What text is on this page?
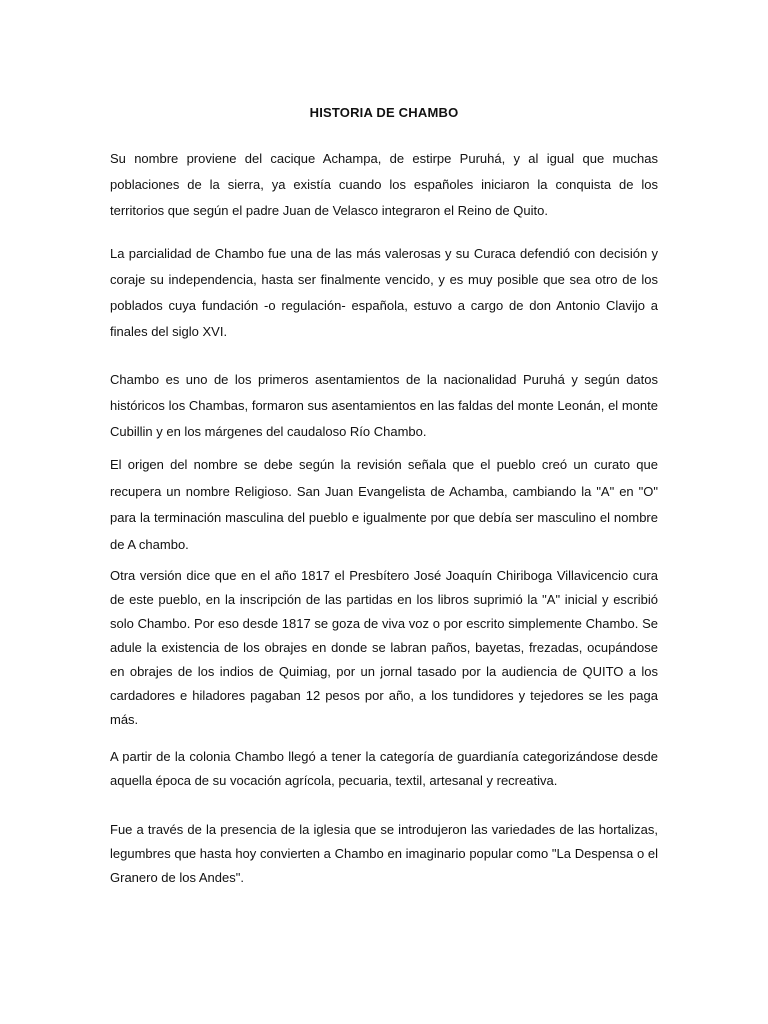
HISTORIA DE CHAMBO

Su nombre proviene del cacique Achampa, de estirpe Puruhá, y al igual que muchas poblaciones de la sierra, ya existía cuando los españoles iniciaron la conquista de los territorios que según el padre Juan de Velasco integraron el Reino de Quito.

La parcialidad de Chambo fue una de las más valerosas y su Curaca defendió con decisión y coraje su independencia, hasta ser finalmente vencido, y es muy posible que sea otro de los poblados cuya fundación -o regulación- española, estuvo a cargo de don Antonio Clavijo a finales del siglo XVI.

Chambo es uno de los primeros asentamientos de la nacionalidad Puruhá y según datos históricos los Chambas, formaron sus asentamientos en las faldas del monte Leonán, el monte Cubillin y en los márgenes del caudaloso Río Chambo.

El origen del nombre se debe según la revisión señala que el pueblo creó un curato que recupera un nombre Religioso. San Juan Evangelista de Achamba, cambiando la "A" en "O" para la terminación masculina del pueblo e igualmente por que debía ser masculino el nombre de A chambo.

Otra versión dice que en el año 1817 el Presbítero José Joaquín Chiriboga Villavicencio cura de este pueblo, en la inscripción de las partidas en los libros suprimió la "A" inicial y escribió solo Chambo. Por eso desde 1817 se goza de viva voz o por escrito simplemente Chambo. Se adule la existencia de los obrajes en donde se labran paños, bayetas, frezadas, ocupándose en obrajes de los indios de Quimiag, por un jornal tasado por la audiencia de QUITO a los cardadores e hiladores pagaban 12 pesos por año, a los tundidores y tejedores se les paga más.

A partir de la colonia Chambo llegó a tener la categoría de guardianía categorizándose desde aquella época de su vocación agrícola, pecuaria, textil, artesanal y recreativa.

Fue a través de la presencia de la iglesia que se introdujeron las variedades de las hortalizas, legumbres que hasta hoy convierten a Chambo en imaginario popular como "La Despensa o el Granero de los Andes".
